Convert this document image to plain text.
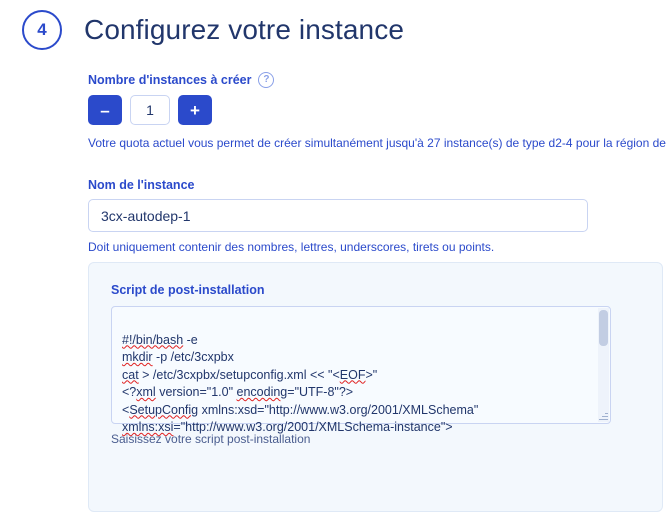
4	Configurez votre instance
Nombre d'instances à créer	?
–
1	+
Votre quota actuel vous permet de créer simultanément jusqu'à 27 instance(s) de type d2-4 pour la région de
Nom de l'instance
3cx-autodep-1
Doit uniquement contenir des nombres, lettres, underscores, tirets ou points.
Script de post-installation

#!/bin/bash -e
mkdir -p /etc/3cxpbx
cat > /etc/3cxpbx/setupconfig.xml << "<EOF>"
<?xml version="1.0" encoding="UTF-8"?>
<SetupConfig xmlns:xsd="http://www.w3.org/2001/XMLSchema"
xmlns:xsi="http://www.w3.org/2001/XMLSchema-instance">
Saisissez votre script post-installation
